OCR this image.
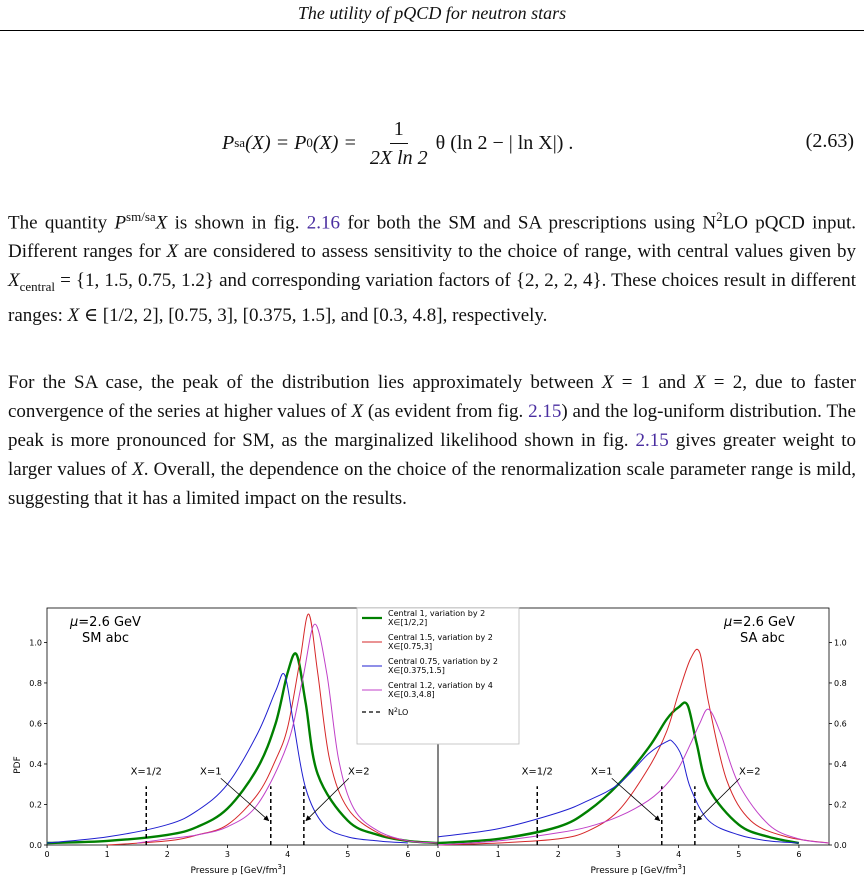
The utility of pQCD for neutron stars
P sa (X) = P 0 $(X) = \frac{1}{\text{2X ln 2}}$ θ (ln 2 − | ln X|) .	(2.63)

The quantity $P^{sm/sa}X$ is shown in fig. 2.16 for both the SM and SA prescriptions using $N^2LO$ pQCD input. Different ranges for X are considered to assess sensitivity to the choice of range, with central values given by $X_{central} = \{1$, 1.5, 0.75, 1.2} and corresponding variation factors of {2, 2, 2, 4}. These choices result in different ranges: X ∈ [1/2, 2], [0.75, 3], [0.375, 1.5], and [0.3, 4.8], respectively.

For the SA case, the peak of the distribution lies approximately between X = 1 and X = 2, due to faster convergence of the series at higher values of X (as evident from fig. 2.15) and the log-uniform distribution. The peak is more pronounced for SM, as the marginalized likelihood shown in fig. 2.15 gives greater weight to larger values of X. Overall, the dependence on the choice of the renormalization scale parameter range is mild, suggesting that it has a limited impact on the results.

0	1	2	3	4	5	6
0.0
0.2
0.4
0.6
0.8
1.0
X=1/2	X=1	X=2
0	1	2	3	4	5	6
0.0
0.2
0.4
0.6
0.8
1.0
X=1/2	X=1	X=2
μ=2.6 GeV
SM abc
μ=2.6 GeV
SA abc
PDF
Pressure p $[GeV/fm^3]$	Pressure p $[GeV/fm^3]$
Central 1, variation by 2
X∈[1/2,2]
Central 1.5, variation by 2
X∈[0.75,3]
Central 0.75, variation by 2
X∈[0.375,1.5]
Central 1.2, variation by 4
X∈[0.3,4.8]
$N^2LO$
